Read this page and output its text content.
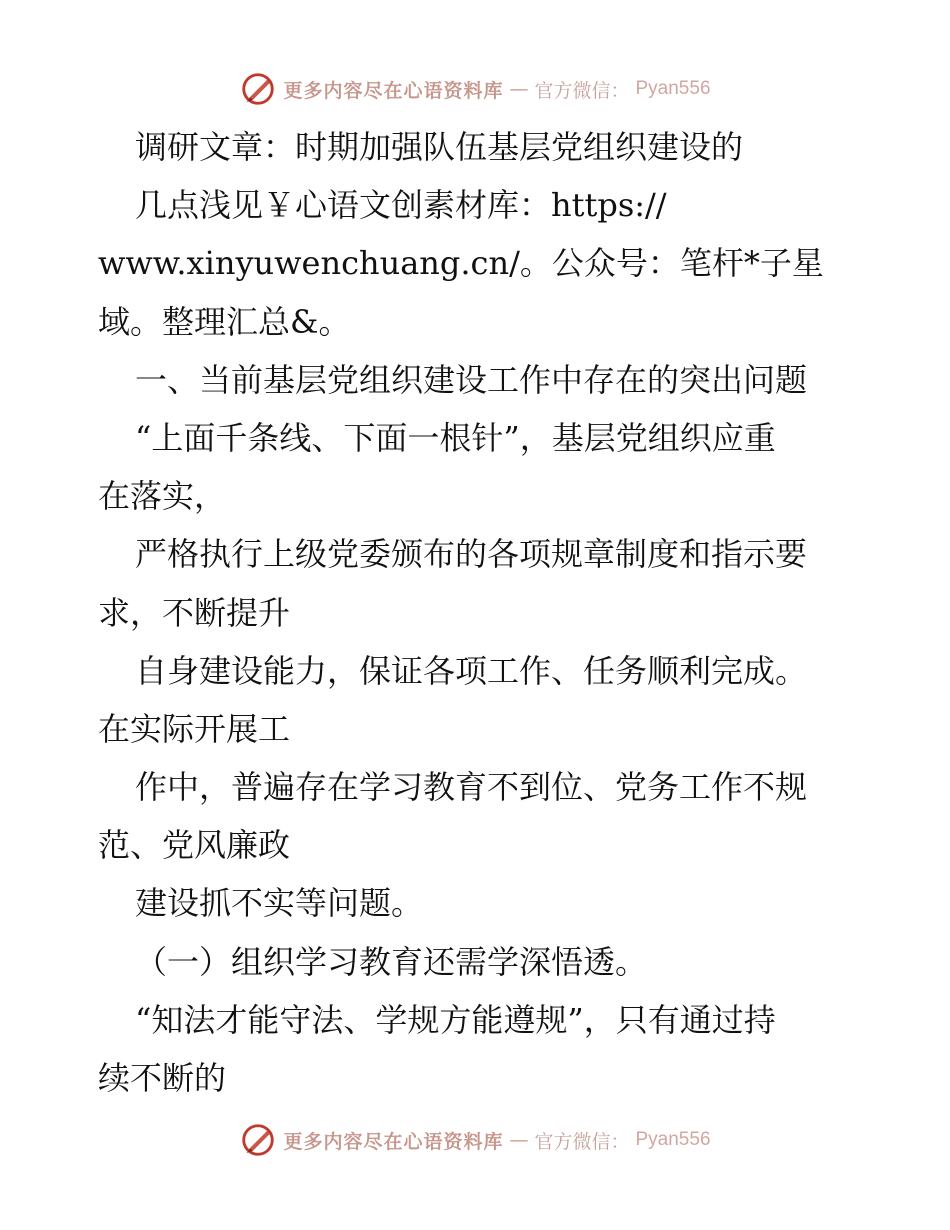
更多内容尽在心语资料库 — 官方微信： Pyan556
调研文章：时期加强队伍基层党组织建设的
几点浅见￥心语文创素材库：https://
www.xinyuwenchuang.cn/。公众号：笔杆*子星
域。整理汇总&。
一、当前基层党组织建设工作中存在的突出问题
“上面千条线、下面一根针”，基层党组织应重
在落实，
严格执行上级党委颁布的各项规章制度和指示要
求，不断提升
自身建设能力，保证各项工作、任务顺利完成。
在实际开展工
作中，普遍存在学习教育不到位、党务工作不规
范、党风廉政
建设抓不实等问题。
（一）组织学习教育还需学深悟透。
“知法才能守法、学规方能遵规”，只有通过持
续不断的
更多内容尽在心语资料库 — 官方微信： Pyan556
